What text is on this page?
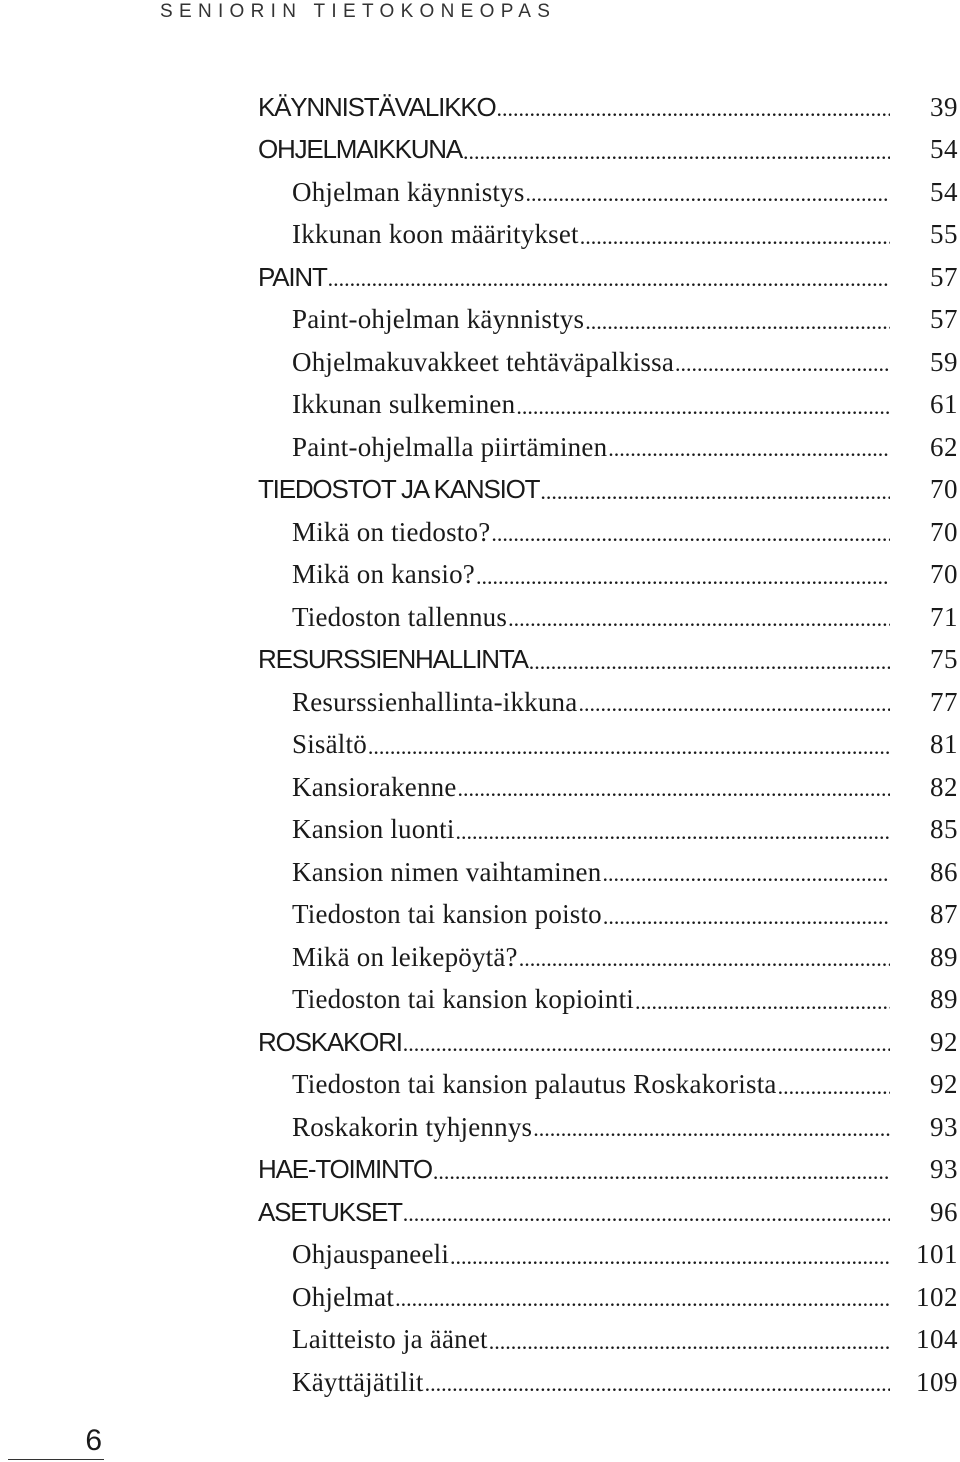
SENIORIN TIETOKONEOPAS
KÄYNNISTÄVALIKKO .....	39
OHJELMAIKKUNA .....	54
Ohjelman käynnistys .....	54
Ikkunan koon määritykset .....	55
PAINT .....	57
Paint-ohjelman käynnistys .....	57
Ohjelmakuvakkeet tehtäväpalkissa .....	59
Ikkunan sulkeminen .....	61
Paint-ohjelmalla piirtäminen .....	62
TIEDOSTOT JA KANSIOT .....	70
Mikä on tiedosto? .....	70
Mikä on kansio? .....	70
Tiedoston tallennus .....	71
RESURSSIENHALLINTA .....	75
Resurssienhallinta-ikkuna .....	77
Sisältö .....	81
Kansiorakenne .....	82
Kansion luonti .....	85
Kansion nimen vaihtaminen .....	86
Tiedoston tai kansion poisto .....	87
Mikä on leikepöytä? .....	89
Tiedoston tai kansion kopiointi .....	89
ROSKAKORI .....	92
Tiedoston tai kansion palautus Roskakorista .....	92
Roskakorin tyhjennys .....	93
HAE-TOIMINTO .....	93
ASETUKSET .....	96
Ohjauspaneeli .....	101
Ohjelmat .....	102
Laitteisto ja äänet .....	104
Käyttäjätilit .....	109
6
